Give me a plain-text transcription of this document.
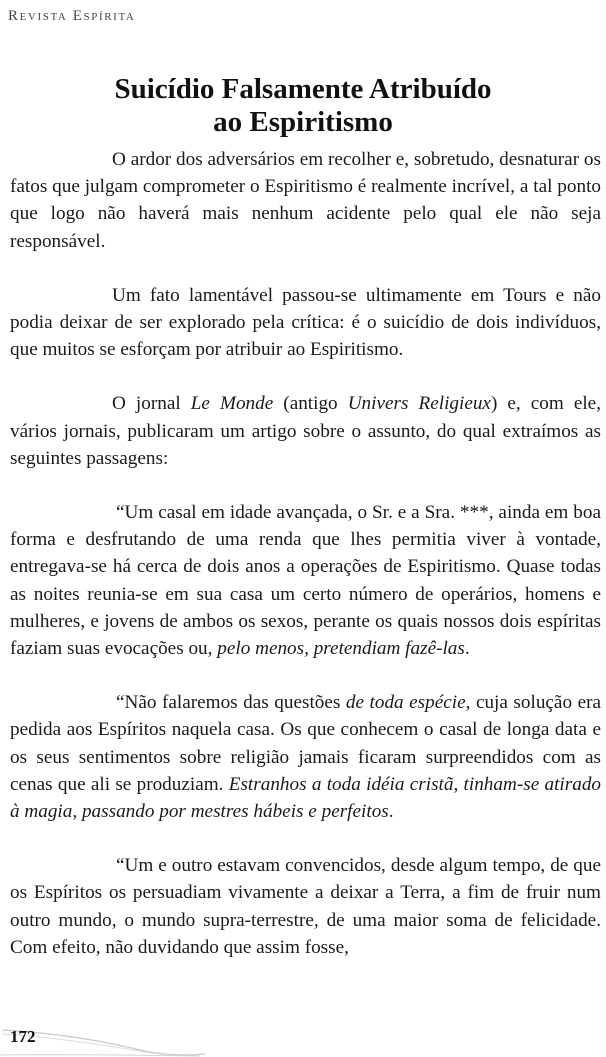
Revista Espírita
Suicídio Falsamente Atribuído
ao Espiritismo

O ardor dos adversários em recolher e, sobretudo, desnaturar os fatos que julgam comprometer o Espiritismo é realmente incrível, a tal ponto que logo não haverá mais nenhum acidente pelo qual ele não seja responsável.

Um fato lamentável passou-se ultimamente em Tours e não podia deixar de ser explorado pela crítica: é o suicídio de dois indivíduos, que muitos se esforçam por atribuir ao Espiritismo.

O jornal Le Monde (antigo Univers Religieux) e, com ele, vários jornais, publicaram um artigo sobre o assunto, do qual extraímos as seguintes passagens:

“Um casal em idade avançada, o Sr. e a Sra. ***, ainda em boa forma e desfrutando de uma renda que lhes permitia viver à vontade, entregava-se há cerca de dois anos a operações de Espiritismo. Quase todas as noites reunia-se em sua casa um certo número de operários, homens e mulheres, e jovens de ambos os sexos, perante os quais nossos dois espíritas faziam suas evocações ou, pelo menos, pretendiam fazê-las.

“Não falaremos das questões de toda espécie, cuja solução era pedida aos Espíritos naquela casa. Os que conhecem o casal de longa data e os seus sentimentos sobre religião jamais ficaram surpreendidos com as cenas que ali se produziam. Estranhos a toda idéia cristã, tinham-se atirado à magia, passando por mestres hábeis e perfeitos.

“Um e outro estavam convencidos, desde algum tempo, de que os Espíritos os persuadiam vivamente a deixar a Terra, a fim de fruir num outro mundo, o mundo supra-terrestre, de uma maior soma de felicidade. Com efeito, não duvidando que assim fosse,

172
